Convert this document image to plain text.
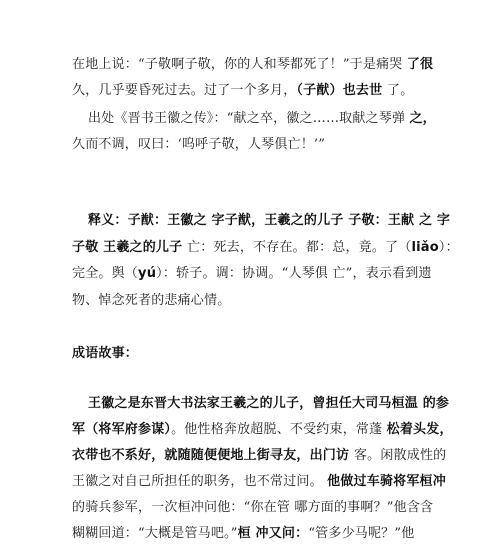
在地上说：“子敬啊子敬，你的人和琴都死了！”于是痛哭 了很
久，几乎要昏死过去。过了一个多月，（子猷）也去世 了。
出处《晋书王徽之传》：“献之卒，徽之……取献之琴弹 之，
久而不调，叹曰：‘呜呼子敬，人琴俱亡！’”
释义：子猷：王徽之 字子猷，王羲之的儿子 子敬：王献 之 字
子敬 王羲之的儿子 亡：死去，不存在。都：总，竟。了（liǎo）：
完全。舆（yú）：轿子。调：协调。“人琴俱 亡”，表示看到遗
物、悼念死者的悲痛心情。
成语故事：
王徽之是东晋大书法家王羲之的儿子，曾担任大司马桓温 的参
军（将军府参谋）。他性格奔放超脱、不受约束，常蓬 松着头发，
衣带也不系好，就随随便便地上街寻友，出门访 客。闲散成性的
王徽之对自己所担任的职务，也不常过问。 他做过车骑将军桓冲
的骑兵参军，一次桓冲问他：“你在管 哪方面的事啊？”他含含
糊糊回道：“大概是管马吧。”桓 冲又问：“管多少马呢？”他
